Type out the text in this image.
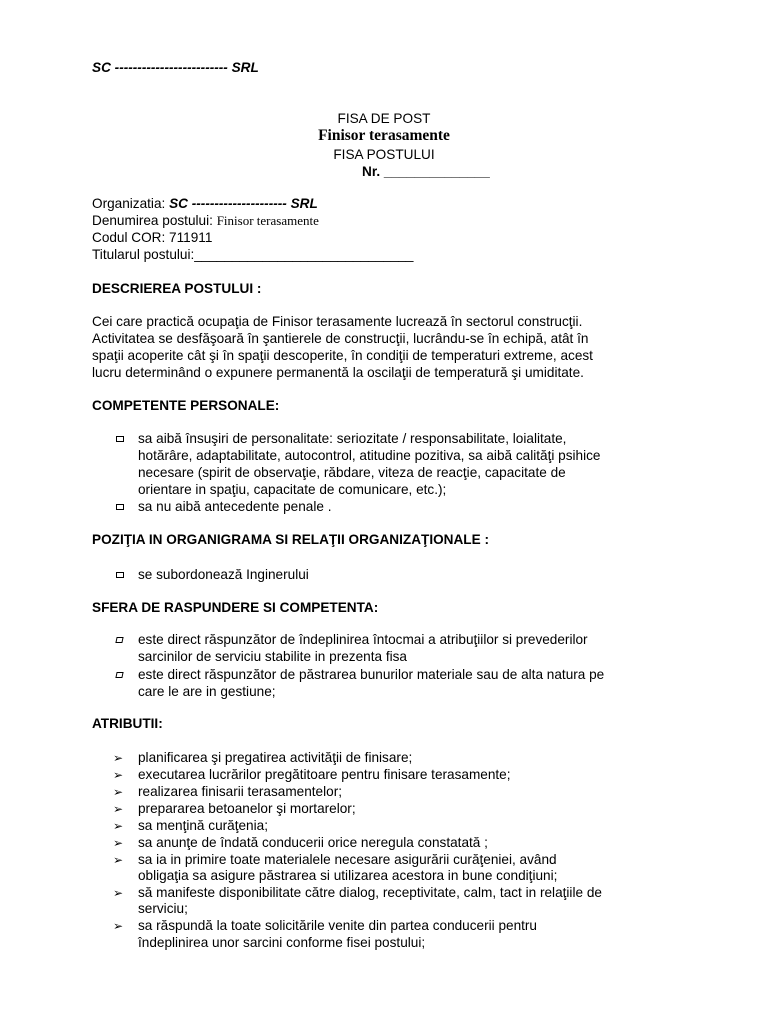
SC ------------------------- SRL
FISA DE POST
Finisor terasamente
FISA POSTULUI
Nr. ______________
Organizatia: SC --------------------- SRL
Denumirea postului: Finisor terasamente
Codul COR: 711911
Titularul postului:_____________________________
DESCRIEREA POSTULUI :
Cei care practică ocupaţia de Finisor terasamente lucrează în sectorul construcţii.
Activitatea se desfăşoară în şantierele de construcţii, lucrându-se în echipă, atât în
spaţii acoperite cât şi în spaţii descoperite, în condiţii de temperaturi extreme, acest
lucru determinând o expunere permanentă la oscilaţii de temperatură şi umiditate.
COMPETENTE PERSONALE:
sa aibă însuşiri de personalitate: seriozitate / responsabilitate, loialitate,
hotărâre, adaptabilitate, autocontrol, atitudine pozitiva, sa aibă calităţi psihice
necesare (spirit de observaţie, răbdare, viteza de reacţie, capacitate de
orientare in spaţiu, capacitate de comunicare, etc.);
sa nu aibă antecedente penale .
POZIŢIA IN ORGANIGRAMA SI RELAŢII ORGANIZAŢIONALE :
se subordonează Inginerului
SFERA DE RASPUNDERE SI COMPETENTA:
este direct răspunzător de îndeplinirea întocmai a atribuţiilor si prevederilor
sarcinilor de serviciu stabilite in prezenta fisa
este direct răspunzător de păstrarea bunurilor materiale sau de alta natura pe
care le are in gestiune;
ATRIBUTII:
➢ planificarea şi pregatirea activităţii de finisare;
➢ executarea lucrărilor pregătitoare pentru finisare terasamente;
➢ realizarea finisarii terasamentelor;
➢ prepararea betoanelor şi mortarelor;
➢ sa menţină curăţenia;
➢ sa anunţe de îndată conducerii orice neregula constatată ;
➢ sa ia in primire toate materialele necesare asigurării curăţeniei, având
obligaţia sa asigure păstrarea si utilizarea acestora in bune condiţiuni;
➢ să manifeste disponibilitate către dialog, receptivitate, calm, tact in relaţiile de
serviciu;
➢ sa răspundă la toate solicitările venite din partea conducerii pentru
îndeplinirea unor sarcini conforme fisei postului;
